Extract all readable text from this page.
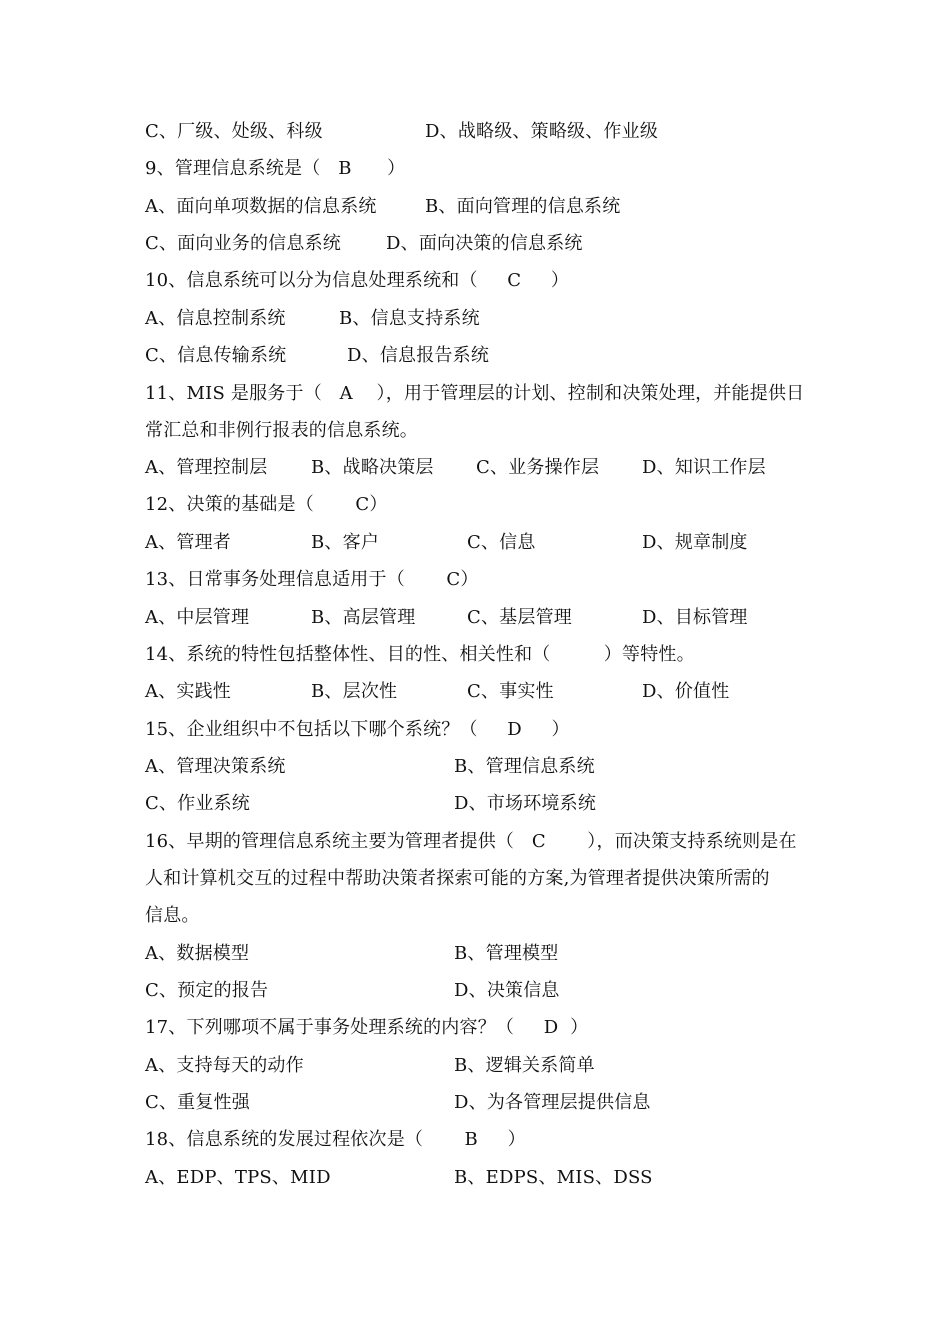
C、厂级、处级、科级

	D、战略级、策略级、作业级

9、管理信息系统是（   B      ）

A、面向单项数据的信息系统

	B、面向管理的信息系统

C、面向业务的信息系统

	D、面向决策的信息系统

10、信息系统可以分为信息处理系统和（     C     ）

A、信息控制系统

	B、信息支持系统

C、信息传输系统

	D、信息报告系统

11、MIS 是服务于（   A    ），用于管理层的计划、控制和决策处理，并能提供日

常汇总和非例行报表的信息系统。

A、管理控制层

B、战略决策层

C、业务操作层

D、知识工作层

12、决策的基础是（       C）

A、管理者

	B、客户

	C、信息

	D、规章制度

13、日常事务处理信息适用于（       C）

A、中层管理

	B、高层管理

	C、基层管理

	D、目标管理

14、系统的特性包括整体性、目的性、相关性和（         ）等特性。

A、实践性

	B、层次性

	C、事实性

	D、价值性

15、企业组织中不包括以下哪个系统？（     D     ）

A、管理决策系统

	B、管理信息系统

C、作业系统

	D、市场环境系统

16、早期的管理信息系统主要为管理者提供（   C       ），而决策支持系统则是在

人和计算机交互的过程中帮助决策者探索可能的方案,为管理者提供决策所需的

信息。

A、数据模型

	B、管理模型

C、预定的报告

	D、决策信息

17、下列哪项不属于事务处理系统的内容？（     D  ）

A、支持每天的动作

	B、逻辑关系简单

C、重复性强

	D、为各管理层提供信息

18、信息系统的发展过程依次是（       B     ）

A、EDP、TPS、MID

	B、EDPS、MIS、DSS
